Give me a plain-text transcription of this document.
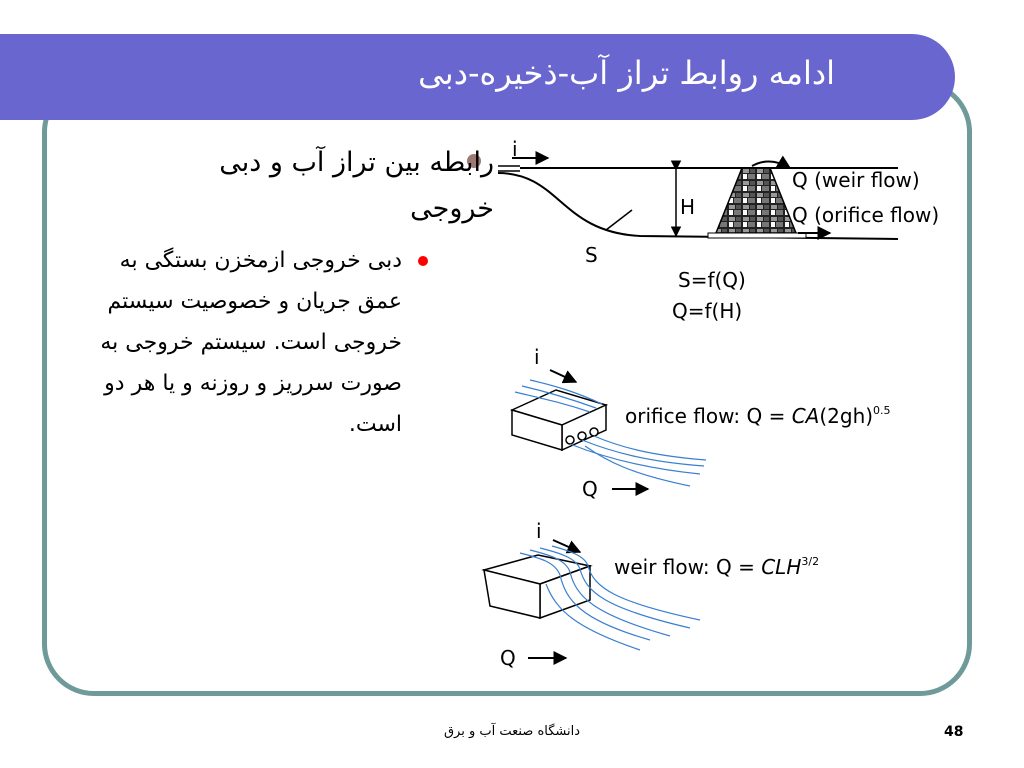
ادامه روابط تراز آب-ذخیره-دبی
رابطه بین تراز آب و دبی خروجی
دبی خروجی ازمخزن بستگی به عمق جریان و خصوصیت سیستم خروجی است. سیستم خروجی به صورت سرریز و روزنه و یا هر دو است.
i
H
S
Q (weir flow)
Q (orifice flow)
S=f(Q)
Q=f(H)
i
orifice flow: $Q = CA(2gh)^{0.5}$
Q
i
weir flow: $Q = CLH^{3/2}$
Q
دانشگاه صنعت آب و برق	48
